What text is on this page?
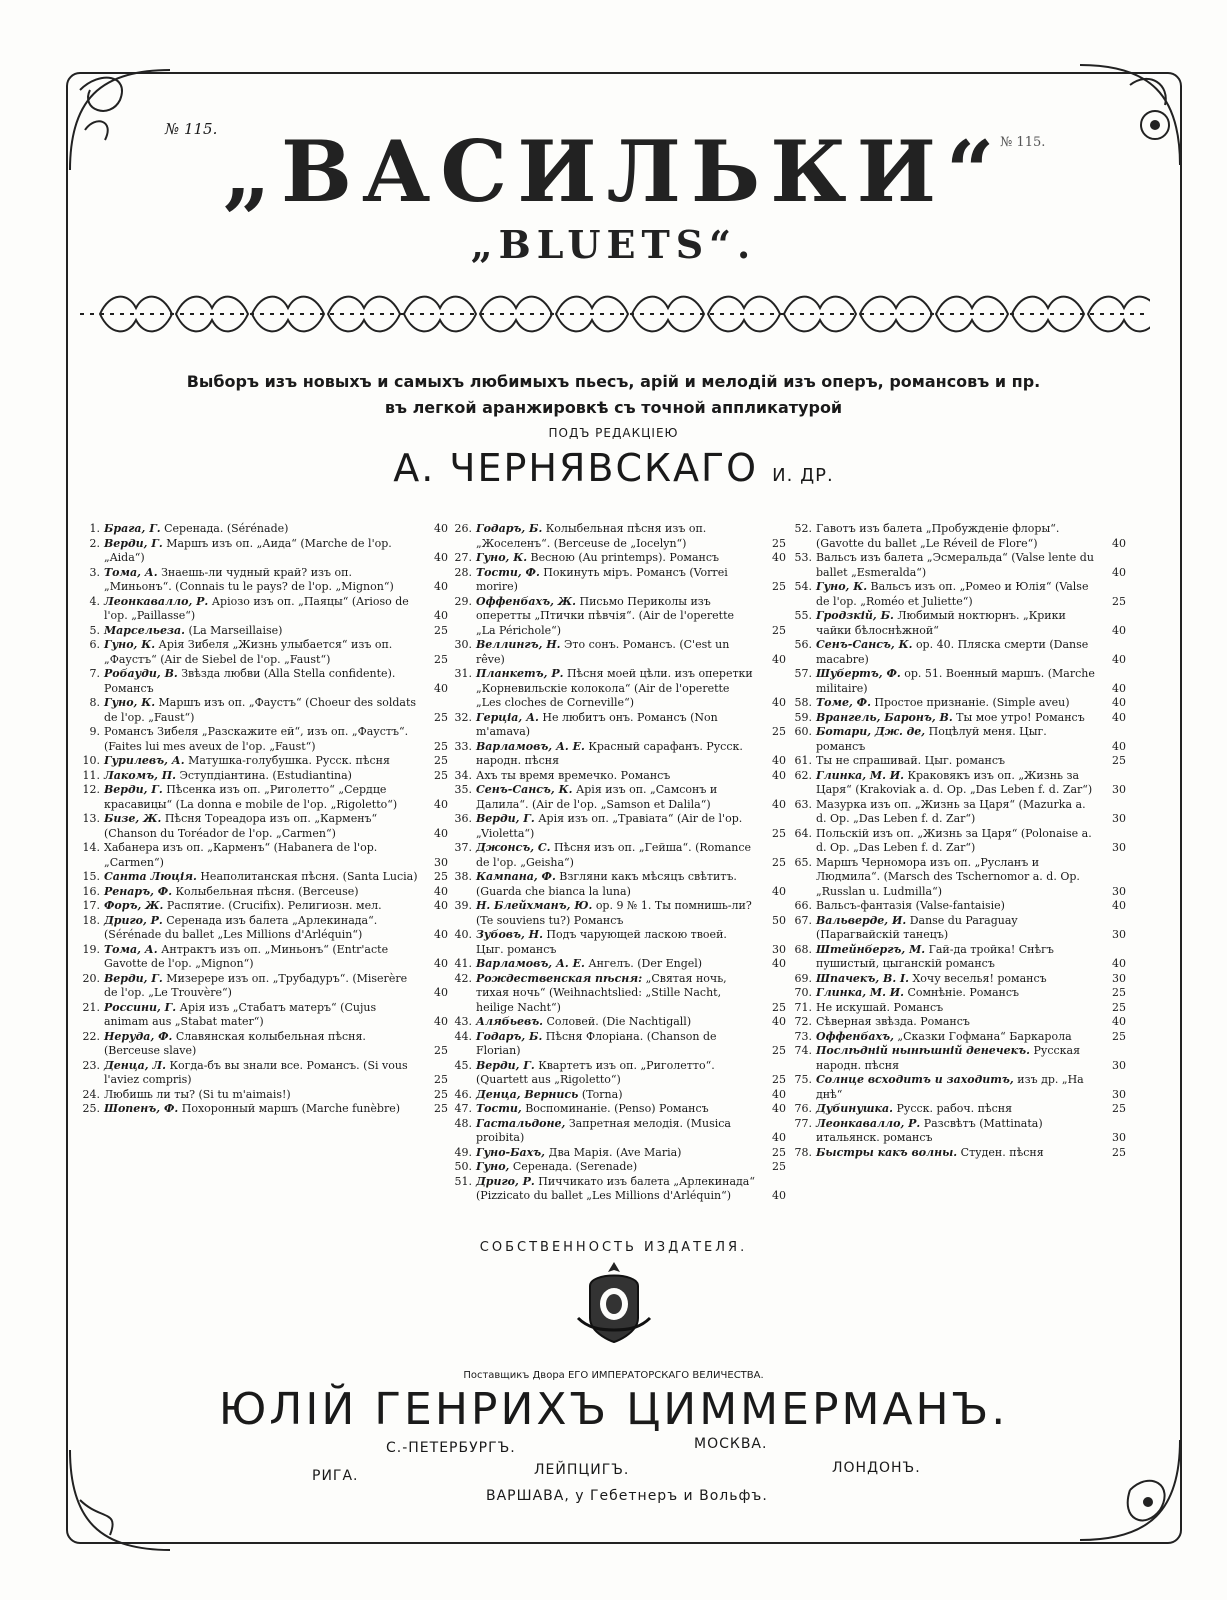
№ 115.
№ 115.
„ВАСИЛЬКИ“
„BLUETS“.
Выборъ изъ новыхъ и самыхъ любимыхъ пьесъ, арій и мелодій изъ оперъ, романсовъ и пр.
въ легкой аранжировкѣ съ точной аппликатурой
ПОДЪ РЕДАКЦІЕЮ
А. ЧЕРНЯВСКАГО И. ДР.
1. Брага, Г. Серенада. (Sérénade)	40
2. Верди, Г. Маршъ изъ оп. „Аида“ (Marche de l'op. „Aida“)	40
3. Тома, А. Знаешь-ли чудный край? изъ оп. „Миньонъ“. (Connais tu le pays? de l'op. „Mignon“)	40
4. Леонкавалло, Р. Аріозо изъ оп. „Паяцы“ (Arioso de l'op. „Paillasse“)	40
5. Марсельеза. (La Marseillaise)	25
6. Гуно, К. Арія Зибеля „Жизнь улыбается“ изъ оп. „Фаустъ“ (Air de Siebel de l'op. „Faust“)	25
7. Робауди, В. Звѣзда любви (Alla Stella confidente). Романсъ	40
8. Гуно, К. Маршъ изъ оп. „Фаустъ“ (Choeur des soldats de l'op. „Faust“)	25
9. Романсъ Зибеля „Разскажите ей“, изъ оп. „Фаустъ“. (Faites lui mes aveux de l'op. „Faust“)	25
10. Гурилевъ, А. Матушка-голубушка. Русск. пѣсня	25
11. Лакомъ, П. Эступдіантина. (Estudiantina)	25
12. Верди, Г. Пѣсенка изъ оп. „Риголетто“ „Сердце красавицы“ (La donna e mobile de l'op. „Rigoletto“)	40
13. Бизе, Ж. Пѣсня Тореадора изъ оп. „Карменъ“ (Chanson du Toréador de l'op. „Carmen“)	40
14. Хабанера изъ оп. „Карменъ“ (Habanera de l'op. „Carmen“)	30
15. Санта Люція. Неаполитанская пѣсня. (Santa Lucia)	25
16. Ренаръ, Ф. Колыбельная пѣсня. (Berceuse)	40
17. Форъ, Ж. Распятие. (Crucifix). Религиозн. мел.	40
18. Дриго, Р. Серенада изъ балета „Арлекинада“. (Sérénade du ballet „Les Millions d'Arléquin“)	40
19. Тома, А. Антрактъ изъ оп. „Миньонъ“ (Entr'acte Gavotte de l'op. „Mignon“)	40
20. Верди, Г. Мизерере изъ оп. „Трубадуръ“. (Miserère de l'op. „Le Trouvère“)	40
21. Россини, Г. Арія изъ „Стабатъ матеръ“ (Cujus animam aus „Stabat mater“)	40
22. Неруда, Ф. Славянская колыбельная пѣсня. (Berceuse slave)	25
23. Денца, Л. Когда-бъ вы знали все. Романсъ. (Si vous l'aviez compris)	25
24. Любишь ли ты? (Si tu m'aimais!)	25
25. Шопенъ, Ф. Похоронный маршъ (Marche funèbre)	25
26. Годаръ, Б. Колыбельная пѣсня изъ оп. „Жоселенъ“. (Berceuse de „Iocelyn“)	25
27. Гуно, К. Весною (Au printemps). Романсъ	40
28. Тости, Ф. Покинуть міръ. Романсъ (Vorrei morire)	25
29. Оффенбахъ, Ж. Письмо Периколы изъ оперетты „Птички пѣвчія“. (Air de l'operette „La Périchole“)	25
30. Веллингъ, Н. Это сонъ. Романсъ. (C'est un rêve)	40
31. Планкетъ, Р. Пѣсня моей цѣли. изъ оперетки „Корневильскіе колокола“ (Air de l'operette „Les cloches de Corneville“)	40
32. Герціа, А. Не любитъ онъ. Романсъ (Non m'amava)	25
33. Варламовъ, А. Е. Красный сарафанъ. Русск. народн. пѣсня	40
34. Ахъ ты время времечко. Романсъ	40
35. Сенъ-Сансъ, К. Арія изъ оп. „Самсонъ и Далила“. (Air de l'op. „Samson et Dalila“)	40
36. Верди, Г. Арія изъ оп. „Травіата“ (Air de l'op. „Violetta“)	25
37. Джонсъ, С. Пѣсня изъ оп. „Гейша“. (Romance de l'op. „Geisha“)	25
38. Кампана, Ф. Взгляни какъ мѣсяцъ свѣтитъ. (Guarda che bianca la luna)	40
39. Н. Блейхманъ, Ю. ор. 9 № 1. Ты помнишь-ли? (Te souviens tu?) Романсъ	50
40. Зубовъ, Н. Подъ чарующей ласкою твоей. Цыг. романсъ	30
41. Варламовъ, А. Е. Ангелъ. (Der Engel)	40
42. Рождественская пѣсня: „Святая ночь, тихая ночь“ (Weihnachtslied: „Stille Nacht, heilige Nacht“)	25
43. Алябьевъ. Соловей. (Die Nachtigall)	40
44. Годаръ, Б. Пѣсня Флоріана. (Chanson de Florian)	25
45. Верди, Г. Квартетъ изъ оп. „Риголетто“. (Quartett aus „Rigoletto“)	25
46. Денца, Вернись (Torna)	40
47. Тости, Воспоминаніе. (Penso) Романсъ	40
48. Гастальдоне, Запретная мелодія. (Musica proibita)	40
49. Гуно-Бахъ, Два Марія. (Ave Maria)	25
50. Гуно, Серенада. (Serenade)	25
51. Дриго, Р. Пиччикато изъ балета „Арлекинада“ (Pizzicato du ballet „Les Millions d'Arléquin“)	40
52. Гавотъ изъ балета „Пробужденіе флоры“. (Gavotte du ballet „Le Réveil de Flore“)	40
53. Вальсъ изъ балета „Эсмеральда“ (Valse lente du ballet „Esmeralda“)	40
54. Гуно, К. Вальсъ изъ оп. „Ромео и Юлія“ (Valse de l'op. „Roméo et Juliette“)	25
55. Гродзкій, Б. Любимый ноктюрнъ. „Крики чайки бѣлоснѣжной“	40
56. Сенъ-Сансъ, К. ор. 40. Пляска смерти (Danse macabre)	40
57. Шубертъ, Ф. ор. 51. Военный маршъ. (Marche militaire)	40
58. Томе, Ф. Простое признаніе. (Simple aveu)	40
59. Врангель, Баронъ, В. Ты мое утро! Романсъ	40
60. Ботари, Дж. де, Поцѣлуй меня. Цыг. романсъ	40
61. Ты не спрашивай. Цыг. романсъ	25
62. Глинка, М. И. Краковякъ изъ оп. „Жизнь за Царя“ (Krakoviak a. d. Op. „Das Leben f. d. Zar“)	30
63. Мазурка изъ оп. „Жизнь за Царя“ (Mazurka a. d. Op. „Das Leben f. d. Zar“)	30
64. Польскій изъ оп. „Жизнь за Царя“ (Polonaise a. d. Op. „Das Leben f. d. Zar“)	30
65. Маршъ Черномора изъ оп. „Русланъ и Людмила“. (Marsch des Tschernomor a. d. Op. „Russlan u. Ludmilla“)	30
66. Вальсъ-фантазія (Valse-fantaisie)	40
67. Вальверде, И. Danse du Paraguay (Парагвайскій танецъ)	30
68. Штейнбергъ, М. Гай-да тройка! Снѣгъ пушистый, цыганскій романсъ	40
69. Шпачекъ, В. І. Хочу веселья! романсъ	30
70. Глинка, М. И. Сомнѣніе. Романсъ	25
71. Не искушай. Романсъ	25
72. Сѣверная звѣзда. Романсъ	40
73. Оффенбахъ, „Сказки Гофмана“ Баркарола	25
74. Послѣдній нынѣшній денечекъ. Русская народн. пѣсня	30
75. Солнце всходитъ и заходитъ, изъ др. „На днѣ“	30
76. Дубинушка. Русск. рабоч. пѣсня	25
77. Леонкавалло, Р. Разсвѣтъ (Mattinata) итальянск. романсъ	30
78. Быстры какъ волны. Студен. пѣсня	25
СОБСТВЕННОСТЬ ИЗДАТЕЛЯ.
Поставщикъ Двора ЕГО ИМПЕРАТОРСКАГО ВЕЛИЧЕСТВА.
ЮЛІЙ ГЕНРИХЪ ЦИММЕРМАНЪ.
С.-ПЕТЕРБУРГЪ.	МОСКВА.
РИГА.	ЛЕЙПЦИГЪ.	ЛОНДОНЪ.
ВАРШАВА, у Гебетнеръ и Вольфъ.
